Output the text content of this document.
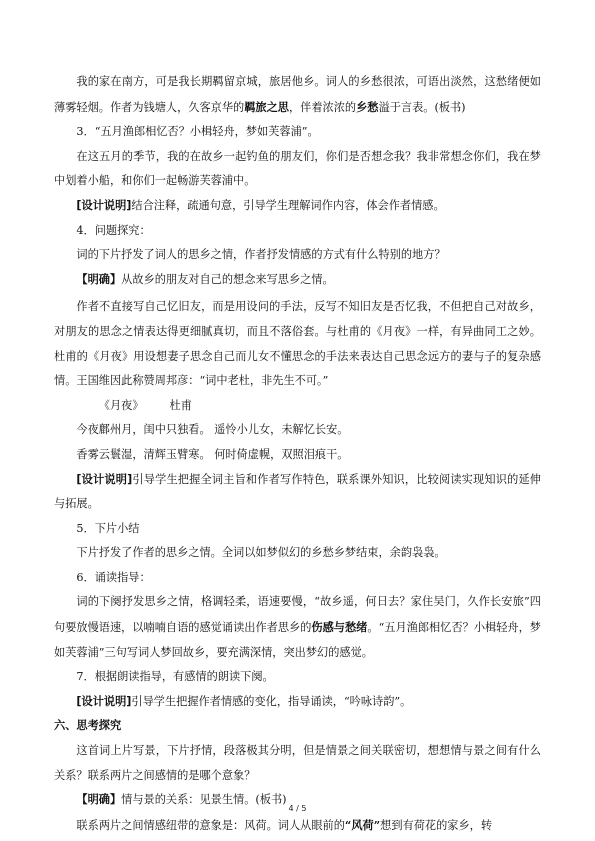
我的家在南方，可是我长期羁留京城，旅居他乡。词人的乡愁很浓，可语出淡然，这愁绪便如薄雾轻烟。作者为钱塘人，久客京华的羁旅之思，伴着浓浓的乡愁溢于言表。(板书)

3．“五月渔郎相忆否？小楫轻舟，梦如芙蓉浦”。

在这五月的季节，我的在故乡一起钓鱼的朋友们，你们是否想念我？我非常想念你们，我在梦中划着小船，和你们一起畅游芙蓉浦中。

[设计说明]结合注释，疏通句意，引导学生理解词作内容，体会作者情感。

4．问题探究：

词的下片抒发了词人的思乡之情，作者抒发情感的方式有什么特别的地方？

【明确】从故乡的朋友对自己的想念来写思乡之情。

作者不直接写自己忆旧友，而是用设问的手法，反写不知旧友是否忆我，不但把自己对故乡，对朋友的思念之情表达得更细腻真切，而且不落俗套。与杜甫的《月夜》一样，有异曲同工之妙。杜甫的《月夜》用设想妻子思念自己而儿女不懂思念的手法来表达自己思念远方的妻与子的复杂感情。王国维因此称赞周邦彦：“词中老杜，非先生不可。”

《月夜》 杜甫

今夜鄜州月，闺中只独看。 遥怜小儿女，未解忆长安。

香雾云鬟湿，清辉玉臂寒。 何时倚虚幌，双照泪痕干。

[设计说明]引导学生把握全词主旨和作者写作特色，联系课外知识，比较阅读实现知识的延伸与拓展。

5．下片小结

下片抒发了作者的思乡之情。全词以如梦似幻的乡愁乡梦结束，余韵袅袅。

6．诵读指导：

词的下阕抒发思乡之情，格调轻柔，语速要慢，“故乡遥，何日去？家住吴门，久作长安旅”四句要放慢语速，以喃喃自语的感觉诵读出作者思乡的伤感与愁绪。“五月渔郎相忆否？小楫轻舟，梦如芙蓉浦”三句写词人梦回故乡，要充满深情，突出梦幻的感觉。

7．根据朗读指导，有感情的朗读下阕。

[设计说明]引导学生把握作者情感的变化，指导诵读，“吟咏诗韵”。

六、思考探究

这首词上片写景，下片抒情，段落极其分明，但是情景之间关联密切，想想情与景之间有什么关系？联系两片之间感情的是哪个意象？

【明确】情与景的关系：见景生情。(板书)

联系两片之间情感纽带的意象是：风荷。词人从眼前的“风荷”想到有荷花的家乡，转

4 / 5
